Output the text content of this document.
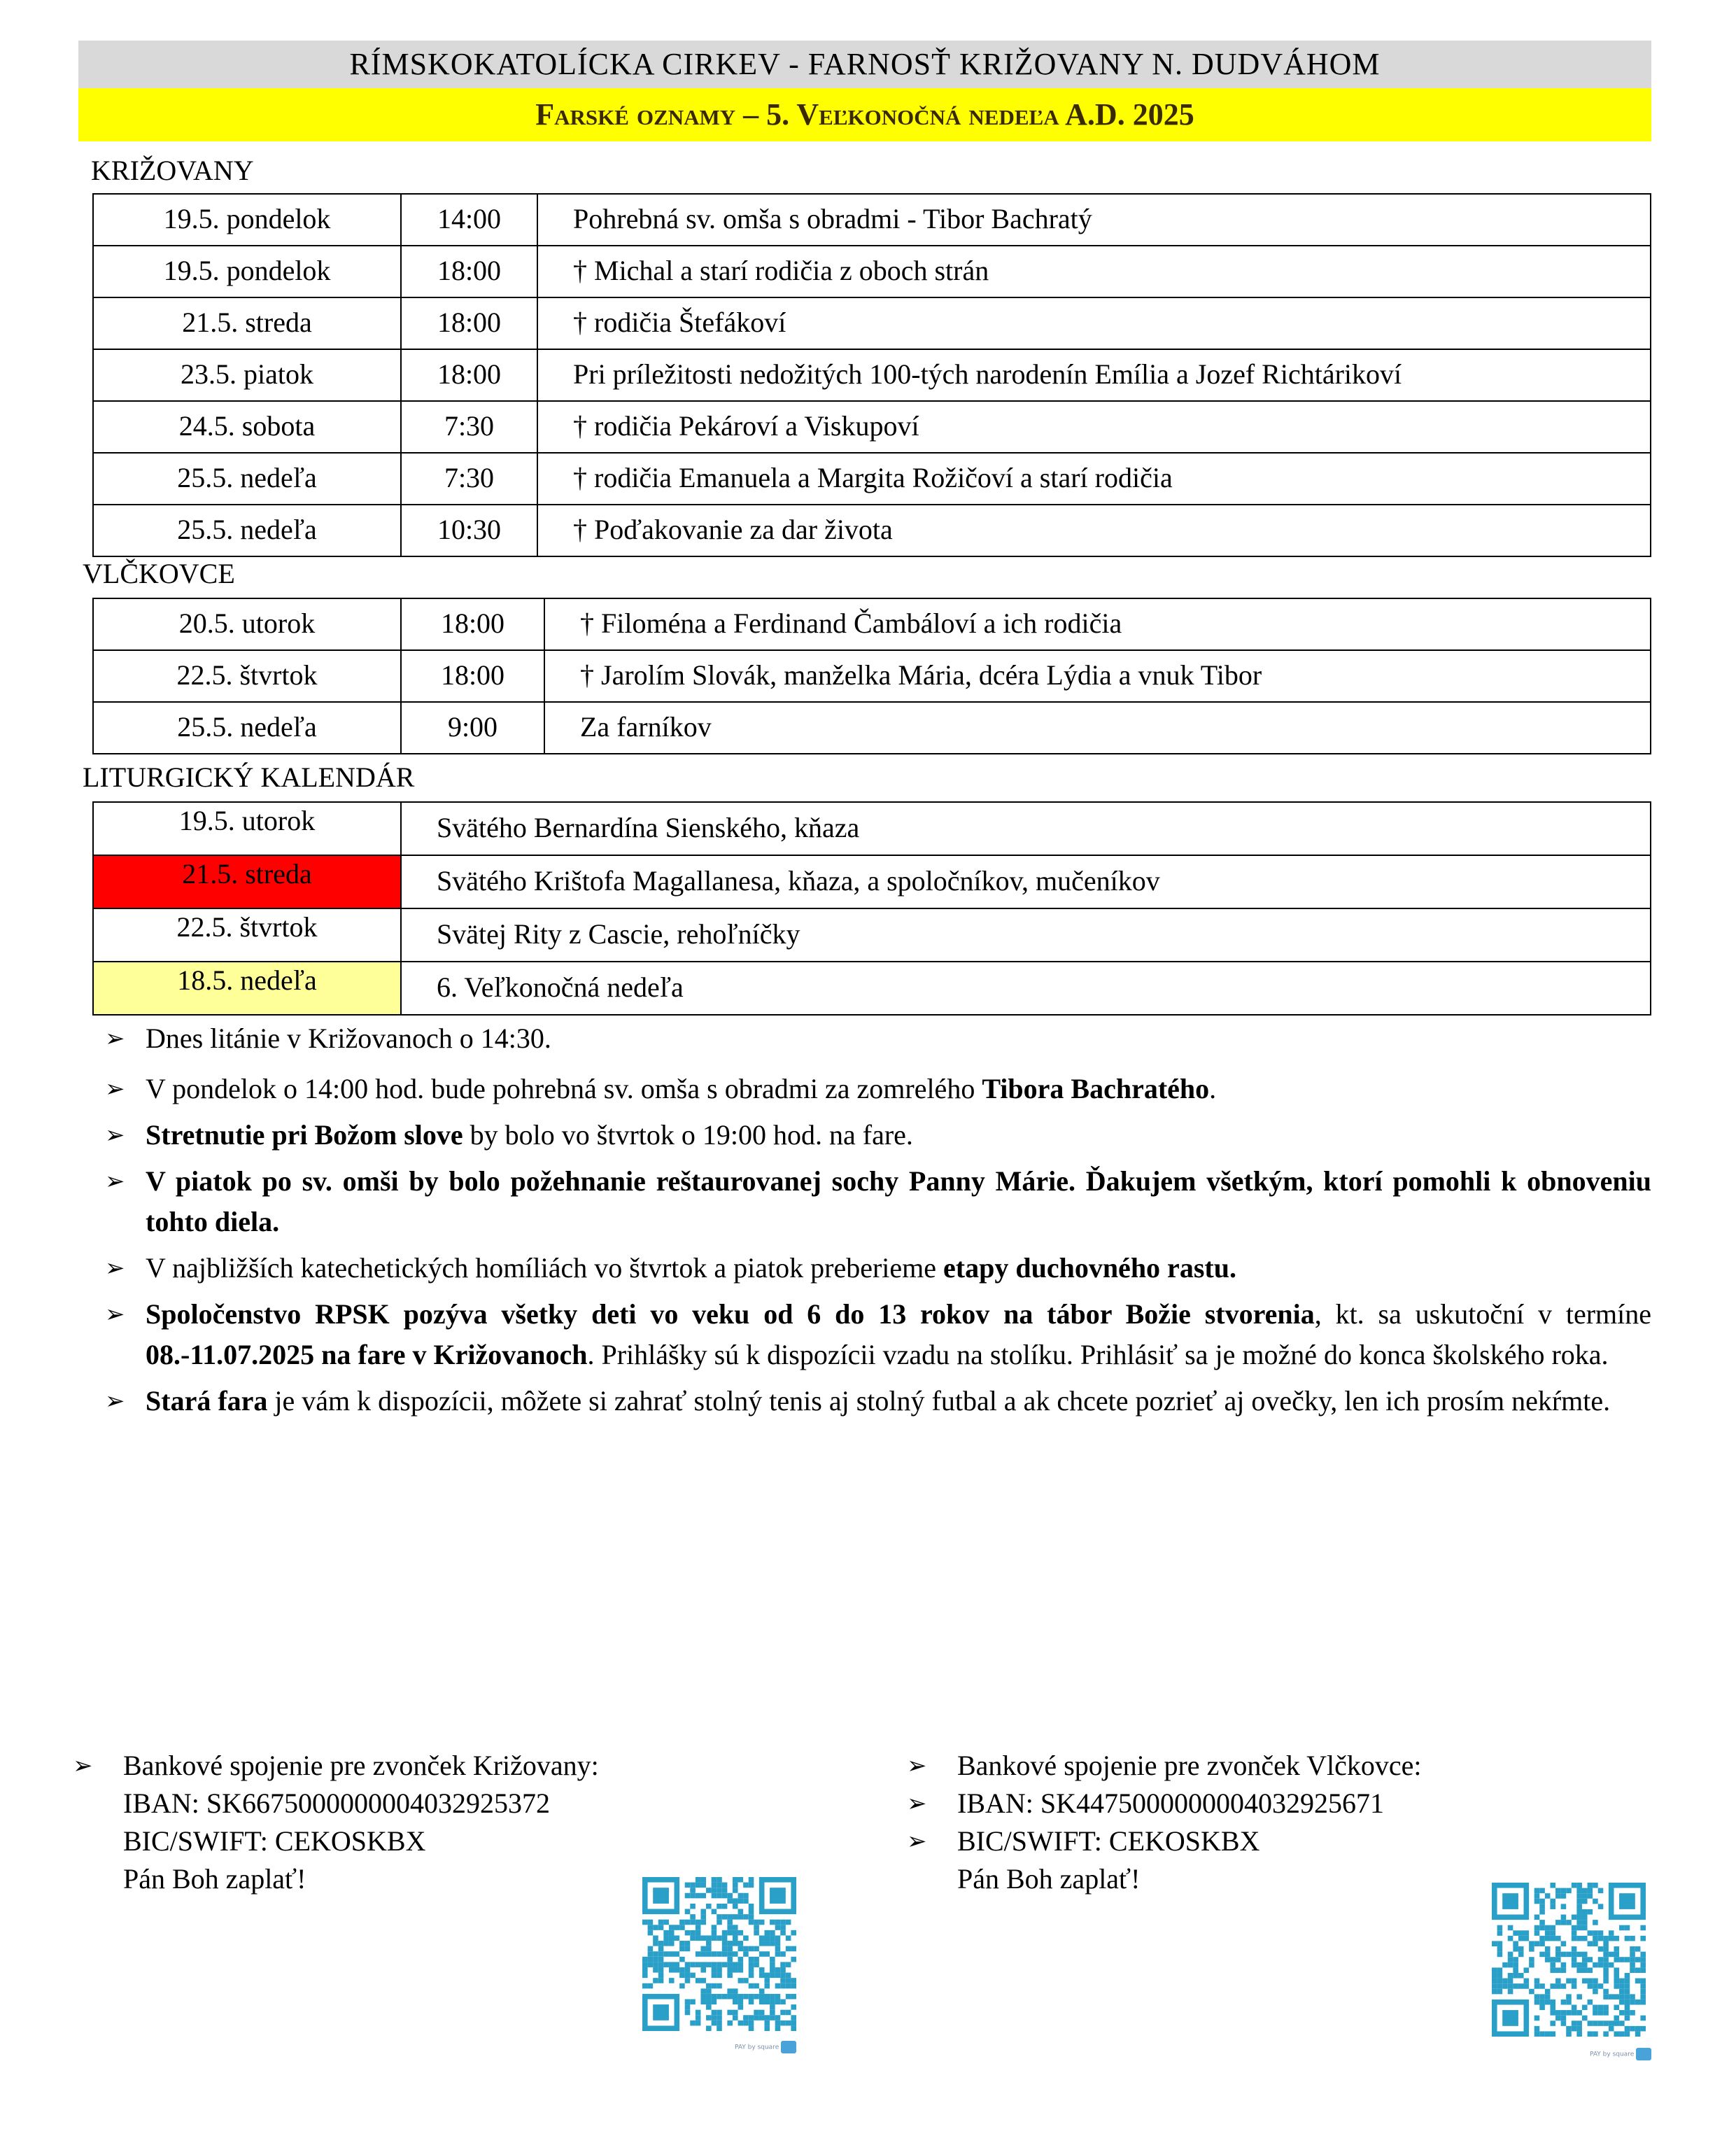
RÍMSKOKATOLÍCKA CIRKEV - FARNOSŤ KRIŽOVANY N. DUDVÁHOM
Farské oznamy – 5. Veľkonočná nedeľa A.D. 2025
KRIŽOVANY
19.5. pondelok	14:00	Pohrebná sv. omša s obradmi - Tibor Bachratý
19.5. pondelok	18:00	† Michal a starí rodičia z oboch strán
21.5. streda	18:00	† rodičia Štefákoví
23.5. piatok	18:00	Pri príležitosti nedožitých 100-tých narodenín Emília a Jozef Richtárikoví
24.5. sobota	7:30	† rodičia Pekároví a Viskupoví
25.5. nedeľa	7:30	† rodičia Emanuela a Margita Rožičoví a starí rodičia
25.5. nedeľa	10:30	† Poďakovanie za dar života
VLČKOVCE
20.5. utorok	18:00	† Filoména a Ferdinand Čambáloví a ich rodičia
22.5. štvrtok	18:00	† Jarolím Slovák, manželka Mária, dcéra Lýdia a vnuk Tibor
25.5. nedeľa	9:00	Za farníkov
LITURGICKÝ KALENDÁR
19.5. utorok	Svätého Bernardína Sienského, kňaza
21.5. streda	Svätého Krištofa Magallanesa, kňaza, a spoločníkov, mučeníkov
22.5. štvrtok	Svätej Rity z Cascie, rehoľníčky
18.5. nedeľa	6. Veľkonočná nedeľa
➢ Dnes litánie v Križovanoch o 14:30.
➢ V pondelok o 14:00 hod. bude pohrebná sv. omša s obradmi za zomrelého Tibora Bachratého.
➢ Stretnutie pri Božom slove by bolo vo štvrtok o 19:00 hod. na fare.
➢ V piatok po sv. omši by bolo požehnanie reštaurovanej sochy Panny Márie. Ďakujem všetkým, ktorí pomohli k obnoveniu tohto diela.
➢ V najbližších katechetických homíliách vo štvrtok a piatok preberieme etapy duchovného rastu.
➢ Spoločenstvo RPSK pozýva všetky deti vo veku od 6 do 13 rokov na tábor Božie stvorenia, kt. sa uskutoční v termíne 08.-11.07.2025 na fare v Križovanoch. Prihlášky sú k dispozícii vzadu na stolíku. Prihlásiť sa je možné do konca školského roka.
➢ Stará fara je vám k dispozícii, môžete si zahrať stolný tenis aj stolný futbal a ak chcete pozrieť aj ovečky, len ich prosím nekŕmte.
➢ Bankové spojenie pre zvonček Križovany:
IBAN: SK6675000000004032925372
BIC/SWIFT: CEKOSKBX
Pán Boh zaplať!
PAY by square
➢ Bankové spojenie pre zvonček Vlčkovce:
➢ IBAN: SK4475000000004032925671
➢ BIC/SWIFT: CEKOSKBX
Pán Boh zaplať!
PAY by square
